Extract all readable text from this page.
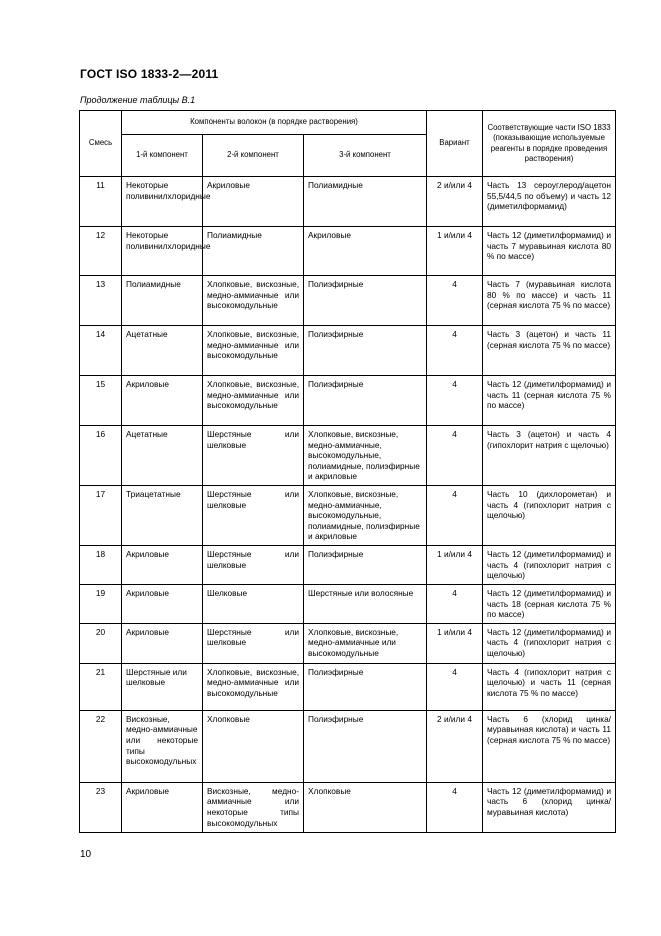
ГОСТ ISO 1833-2—2011
Продолжение таблицы В.1
Смесь	Компоненты волокон (в порядке растворения)			Вариант	Соответствующие части ISO 1833 (показывающие используемые реагенты в порядке проведения растворения)
	1-й компонент	2-й компонент	3-й компонент		
11	Некоторые поливинилхлоридные	Акриловые	Полиамидные	2 и/или 4	Часть 13 сероуглерод/ацетон 55,5/44,5 по объему) и часть 12 (диметилформамид)
12	Некоторые поливинилхлоридные	Полиамидные	Акриловые	1 и/или 4	Часть 12 (диметилформамид) и часть 7 муравьиная кислота 80 % по массе)
13	Полиамидные	Хлопковые, вискозные, медно-аммиачные или высокомодульные	Полиэфирные	4	Часть 7 (муравьиная кислота 80 % по массе) и часть 11 (серная кислота 75 % по массе)
14	Ацетатные	Хлопковые, вискозные, медно-аммиачные или высокомодульные	Полиэфирные	4	Часть 3 (ацетон) и часть 11 (серная кислота 75 % по массе)
15	Акриловые	Хлопковые, вискозные, медно-аммиачные или высокомодульные	Полиэфирные	4	Часть 12 (диметилформамид) и часть 11 (серная кислота 75 % по массе)
16	Ацетатные	Шерстяные или шелковые	Хлопковые, вискозные, медно-аммиачные, высокомодульные, полиамидные, полиэфирные и акриловые	4	Часть 3 (ацетон) и часть 4 (гипохлорит натрия с щелочью)
17	Триацетатные	Шерстяные или шелковые	Хлопковые, вискозные, медно-аммиачные, высокомодульные, полиамидные, полиэфирные и акриловые	4	Часть 10 (дихлорометан) и часть 4 (гипохлорит натрия с щелочью)
18	Акриловые	Шерстяные или шелковые	Полиэфирные	1 и/или 4	Часть 12 (диметилформамид) и часть 4 (гипохлорит натрия с щелочью)
19	Акриловые	Шелковые	Шерстяные или волосяные	4	Часть 12 (диметилформамид) и часть 18 (серная кислота 75 % по массе)
20	Акриловые	Шерстяные или шелковые	Хлопковые, вискозные, медно-аммиачные или высокомодульные	1 и/или 4	Часть 12 (диметилформамид) и часть 4 (гипохлорит натрия с щелочью)
21	Шерстяные или шелковые	Хлопковые, вискозные, медно-аммиачные или высокомодульные	Полиэфирные	4	Часть 4 (гипохлорит натрия с щелочью) и часть 11 (серная кислота 75 % по массе)
22	Вискозные, медно-аммиачные или некоторые типы высокомодульных	Хлопковые	Полиэфирные	2 и/или 4	Часть 6 (хлорид цинка/муравьиная кислота) и часть 11 (серная кислота 75 % по массе)
23	Акриловые	Вискозные, медно-аммиачные или некоторые типы высокомодульных	Хлопковые	4	Часть 12 (диметилформамид) и часть 6 (хлорид цинка/муравьиная кислота)
10
